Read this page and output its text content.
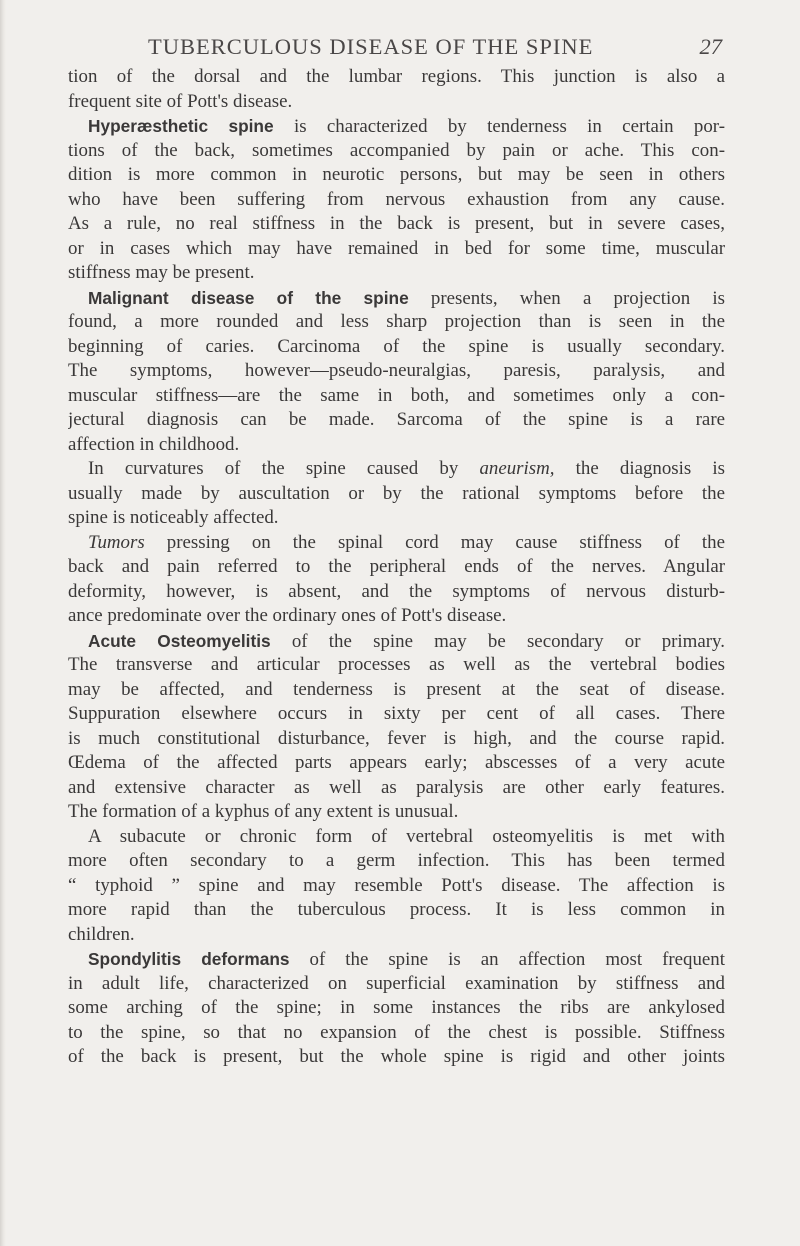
TUBERCULOUS DISEASE OF THE SPINE	27
tion of the dorsal and the lumbar regions. This junction is also a
frequent site of Pott's disease.
Hyperæsthetic spine is characterized by tenderness in certain por-
tions of the back, sometimes accompanied by pain or ache. This con-
dition is more common in neurotic persons, but may be seen in others
who have been suffering from nervous exhaustion from any cause.
As a rule, no real stiffness in the back is present, but in severe cases,
or in cases which may have remained in bed for some time, muscular
stiffness may be present.
Malignant disease of the spine presents, when a projection is
found, a more rounded and less sharp projection than is seen in the
beginning of caries. Carcinoma of the spine is usually secondary.
The symptoms, however—pseudo-neuralgias, paresis, paralysis, and
muscular stiffness—are the same in both, and sometimes only a con-
jectural diagnosis can be made. Sarcoma of the spine is a rare
affection in childhood.
In curvatures of the spine caused by aneurism, the diagnosis is
usually made by auscultation or by the rational symptoms before the
spine is noticeably affected.
Tumors pressing on the spinal cord may cause stiffness of the
back and pain referred to the peripheral ends of the nerves. Angular
deformity, however, is absent, and the symptoms of nervous disturb-
ance predominate over the ordinary ones of Pott's disease.
Acute Osteomyelitis of the spine may be secondary or primary.
The transverse and articular processes as well as the vertebral bodies
may be affected, and tenderness is present at the seat of disease.
Suppuration elsewhere occurs in sixty per cent of all cases. There
is much constitutional disturbance, fever is high, and the course rapid.
Œdema of the affected parts appears early; abscesses of a very acute
and extensive character as well as paralysis are other early features.
The formation of a kyphus of any extent is unusual.
A subacute or chronic form of vertebral osteomyelitis is met with
more often secondary to a germ infection. This has been termed
“ typhoid ” spine and may resemble Pott's disease. The affection is
more rapid than the tuberculous process. It is less common in
children.
Spondylitis deformans of the spine is an affection most frequent
in adult life, characterized on superficial examination by stiffness and
some arching of the spine; in some instances the ribs are ankylosed
to the spine, so that no expansion of the chest is possible. Stiffness
of the back is present, but the whole spine is rigid and other joints
